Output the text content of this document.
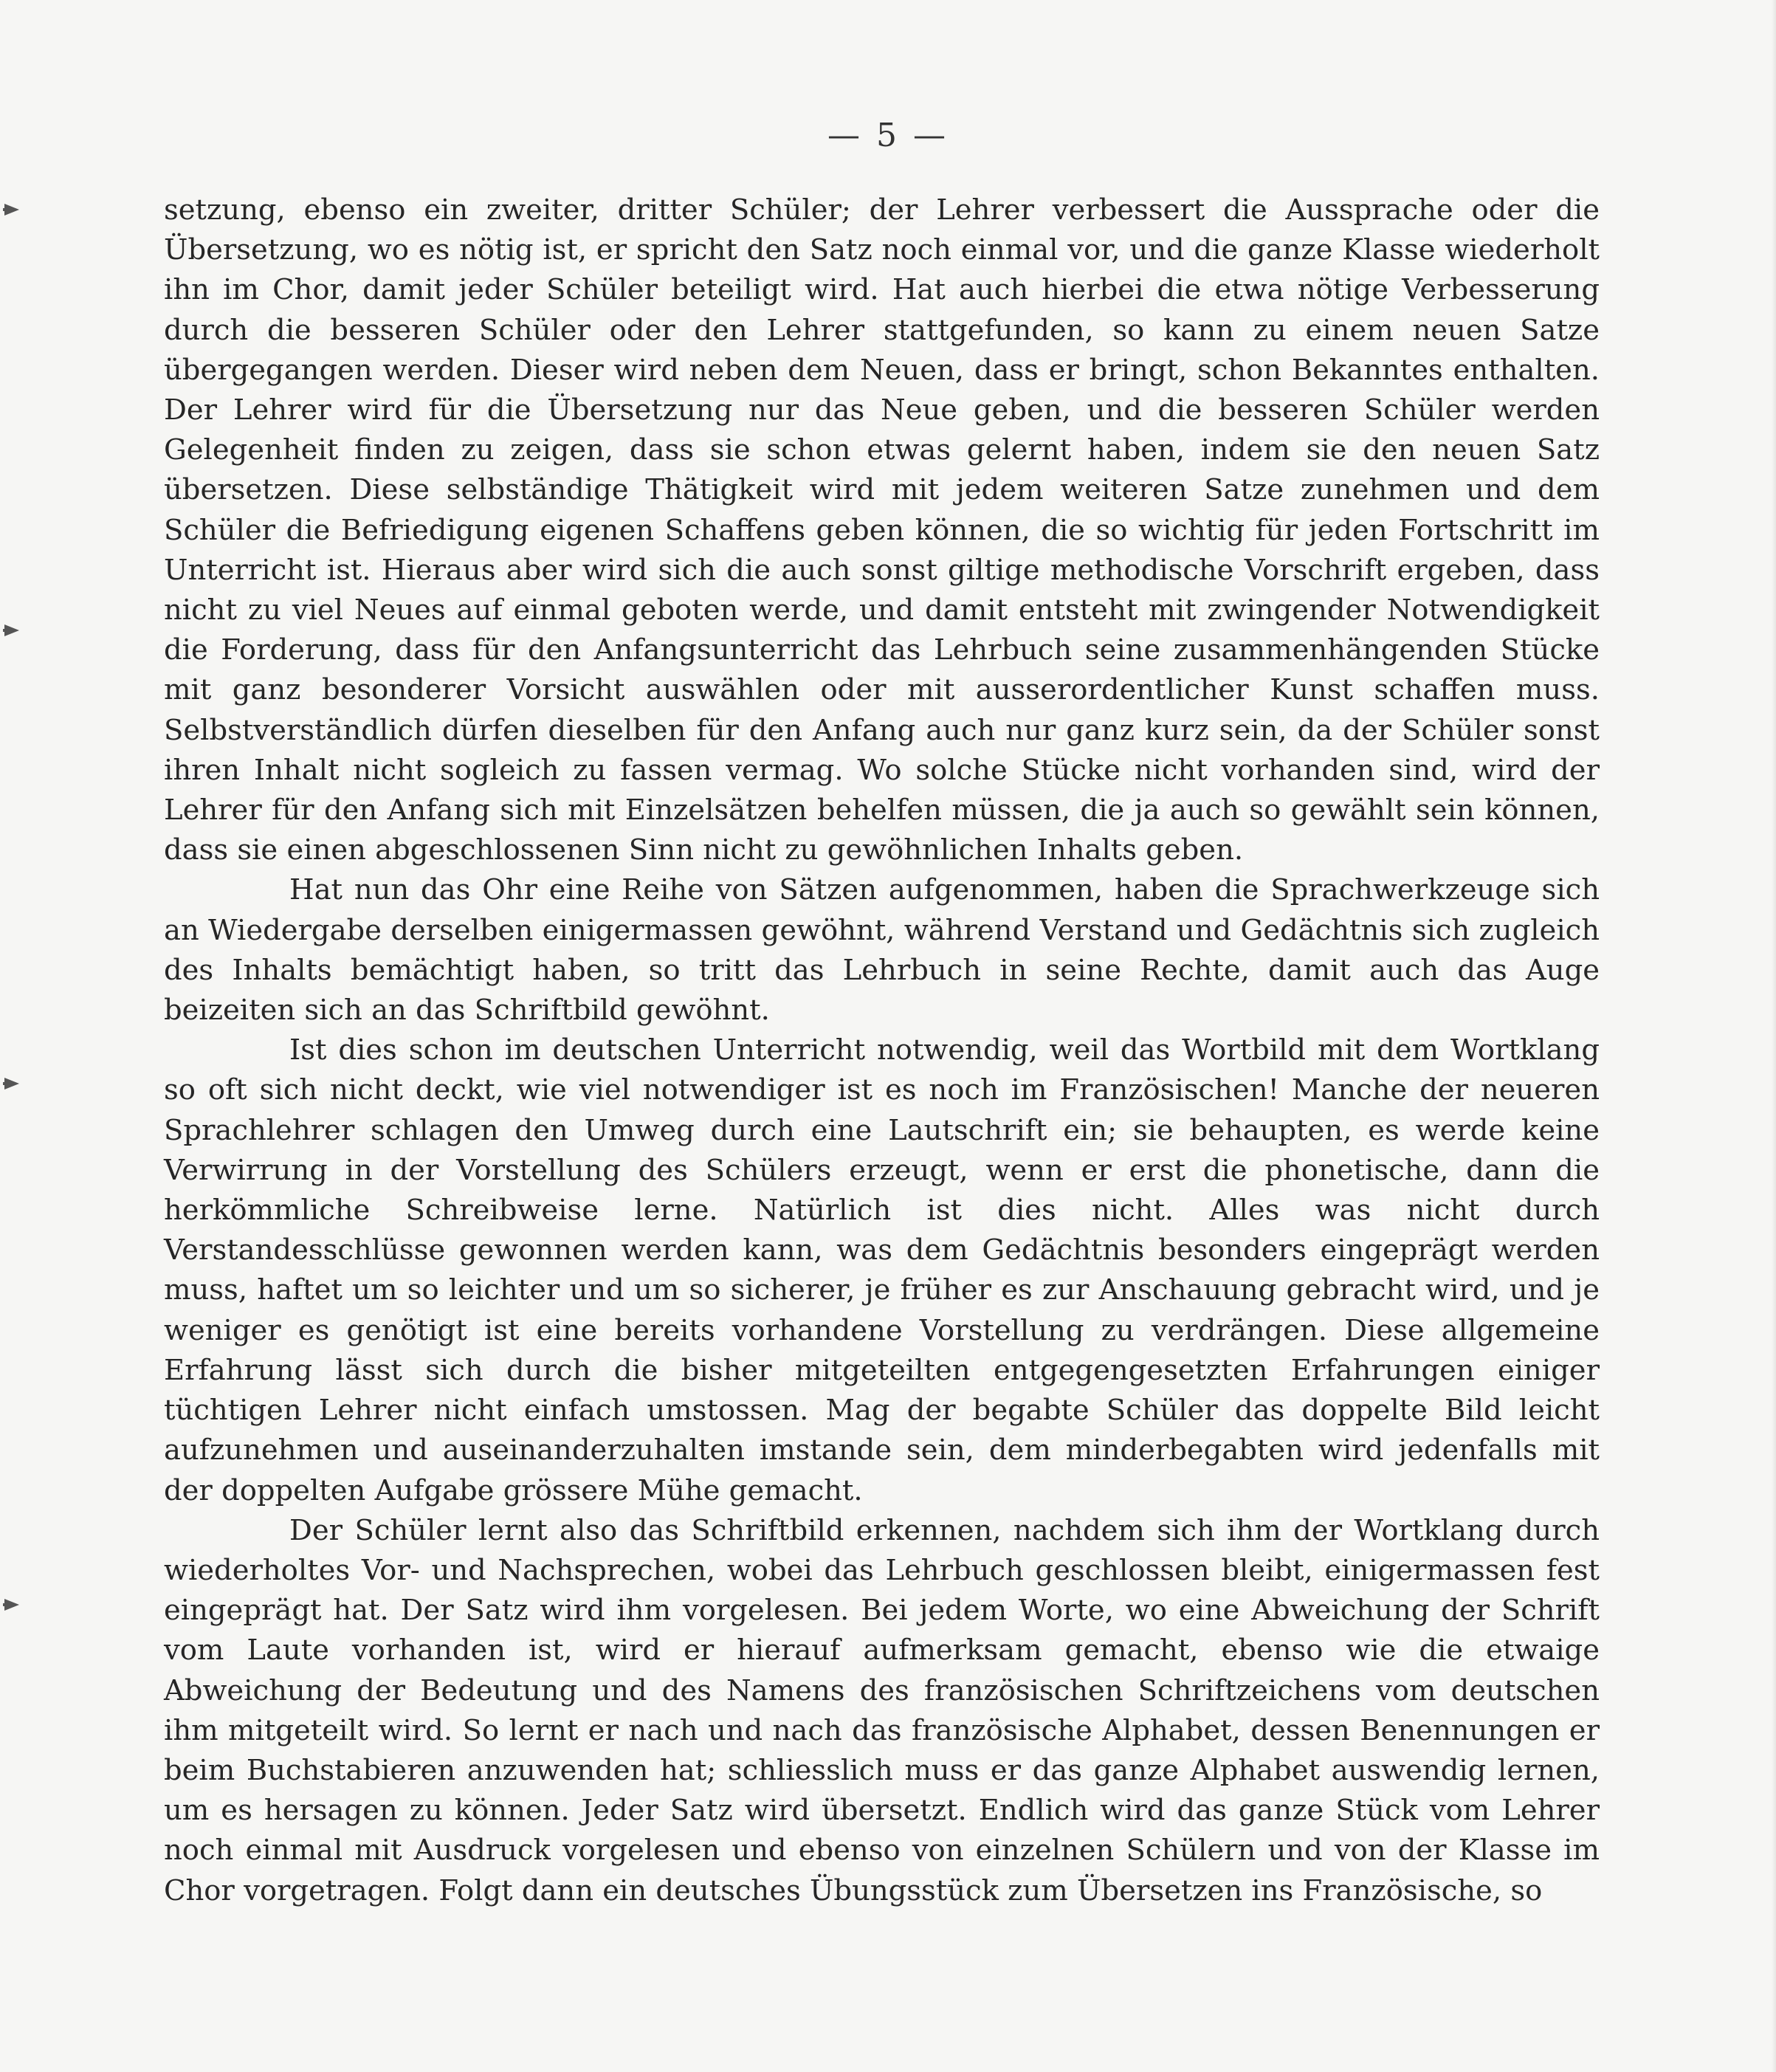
— 5 —

setzung, ebenso ein zweiter, dritter Schüler; der Lehrer verbessert die Aussprache oder die Übersetzung, wo es nötig ist, er spricht den Satz noch einmal vor, und die ganze Klasse wiederholt ihn im Chor, damit jeder Schüler beteiligt wird. Hat auch hierbei die etwa nötige Verbesserung durch die besseren Schüler oder den Lehrer stattgefunden, so kann zu einem neuen Satze übergegangen werden. Dieser wird neben dem Neuen, dass er bringt, schon Bekanntes enthalten. Der Lehrer wird für die Übersetzung nur das Neue geben, und die besseren Schüler werden Gelegenheit finden zu zeigen, dass sie schon etwas gelernt haben, indem sie den neuen Satz übersetzen. Diese selbständige Thätigkeit wird mit jedem weiteren Satze zunehmen und dem Schüler die Befriedigung eigenen Schaffens geben können, die so wichtig für jeden Fortschritt im Unterricht ist. Hieraus aber wird sich die auch sonst giltige methodische Vorschrift ergeben, dass nicht zu viel Neues auf einmal geboten werde, und damit entsteht mit zwingender Notwendigkeit die Forderung, dass für den Anfangsunterricht das Lehrbuch seine zusammenhängenden Stücke mit ganz besonderer Vorsicht auswählen oder mit ausserordentlicher Kunst schaffen muss. Selbstverständlich dürfen dieselben für den Anfang auch nur ganz kurz sein, da der Schüler sonst ihren Inhalt nicht sogleich zu fassen vermag. Wo solche Stücke nicht vorhanden sind, wird der Lehrer für den Anfang sich mit Einzelsätzen behelfen müssen, die ja auch so gewählt sein können, dass sie einen abgeschlossenen Sinn nicht zu gewöhnlichen Inhalts geben.

Hat nun das Ohr eine Reihe von Sätzen aufgenommen, haben die Sprachwerkzeuge sich an Wiedergabe derselben einigermassen gewöhnt, während Verstand und Gedächtnis sich zugleich des Inhalts bemächtigt haben, so tritt das Lehrbuch in seine Rechte, damit auch das Auge beizeiten sich an das Schriftbild gewöhnt.

Ist dies schon im deutschen Unterricht notwendig, weil das Wortbild mit dem Wortklang so oft sich nicht deckt, wie viel notwendiger ist es noch im Französischen! Manche der neueren Sprachlehrer schlagen den Umweg durch eine Lautschrift ein; sie behaupten, es werde keine Verwirrung in der Vorstellung des Schülers erzeugt, wenn er erst die phonetische, dann die herkömmliche Schreibweise lerne. Natürlich ist dies nicht. Alles was nicht durch Verstandesschlüsse gewonnen werden kann, was dem Gedächtnis besonders eingeprägt werden muss, haftet um so leichter und um so sicherer, je früher es zur Anschauung gebracht wird, und je weniger es genötigt ist eine bereits vorhandene Vorstellung zu verdrängen. Diese allgemeine Erfahrung lässt sich durch die bisher mitgeteilten entgegengesetzten Erfahrungen einiger tüchtigen Lehrer nicht einfach umstossen. Mag der begabte Schüler das doppelte Bild leicht aufzunehmen und auseinanderzuhalten imstande sein, dem minderbegabten wird jedenfalls mit der doppelten Aufgabe grössere Mühe gemacht.

Der Schüler lernt also das Schriftbild erkennen, nachdem sich ihm der Wortklang durch wiederholtes Vor- und Nachsprechen, wobei das Lehrbuch geschlossen bleibt, einigermassen fest eingeprägt hat. Der Satz wird ihm vorgelesen. Bei jedem Worte, wo eine Abweichung der Schrift vom Laute vorhanden ist, wird er hierauf aufmerksam gemacht, ebenso wie die etwaige Abweichung der Bedeutung und des Namens des französischen Schriftzeichens vom deutschen ihm mitgeteilt wird. So lernt er nach und nach das französische Alphabet, dessen Benennungen er beim Buchstabieren anzuwenden hat; schliesslich muss er das ganze Alphabet auswendig lernen, um es hersagen zu können. Jeder Satz wird übersetzt. Endlich wird das ganze Stück vom Lehrer noch einmal mit Ausdruck vorgelesen und ebenso von einzelnen Schülern und von der Klasse im Chor vorgetragen. Folgt dann ein deutsches Übungsstück zum Übersetzen ins Französische, so
